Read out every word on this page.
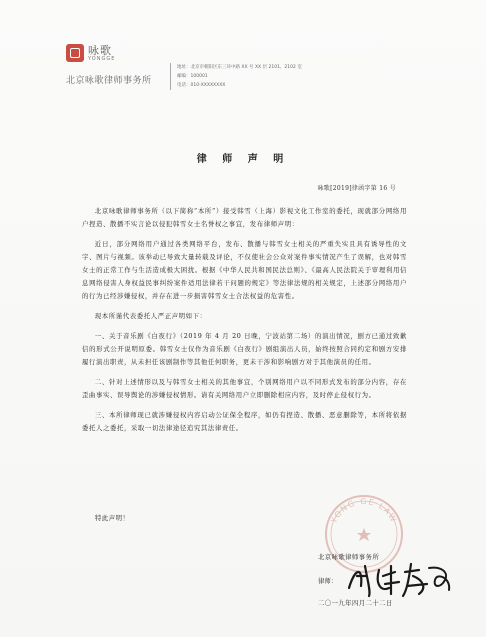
咏歌
YONGGE
北京咏歌律师事务所
地址：北京市朝阳区东三环中路 XX 号 XX 层 2101、2102 室
邮编：100001
电话：010-XXXXXXXX
律 师 声 明
咏歌[2019]律函字第 16 号

北京咏歌律师事务所（以下简称“本所”）接受韩雪（上海）影视文化工作室的委托，现就部分网络用户捏造、散播不实言论以侵犯韩雪女士名誉权之事宜，发布律师声明：

近日，部分网络用户通过各类网络平台，发布、散播与韩雪女士相关的严重失实且具有诱导性的文字、图片与视频。该举动已导致大量转载及评论，不仅使社会公众对案件事实情况产生了误解，也对韩雪女士的正常工作与生活造成极大困扰。根据《中华人民共和国民法总则》、《最高人民法院关于审理利用信息网络侵害人身权益民事纠纷案件适用法律若干问题的规定》等法律法规的相关规定，上述部分网络用户的行为已经涉嫌侵权，并存在进一步损害韩雪女士合法权益的危害性。

现本所谨代表委托人严正声明如下：

一、关于音乐剧《白夜行》（2019 年 4 月 20 日晚，宁波站第二场）的演出情况，剧方已通过致歉信的形式公开说明原委。韩雪女士仅作为音乐剧《白夜行》剧组演出人员，始终按照合同约定和剧方安排履行演出职责，从未担任该剧制作等其他任何职务，更未干涉和影响剧方对于其他演员的任用。

二、针对上述情形以及与韩雪女士相关的其他事宜，个别网络用户以不同形式发布的部分内容，存在歪曲事实、误导舆论的涉嫌侵权情形。请有关网络用户立即删除相应内容，及时停止侵权行为。

三、本所律师现已就涉嫌侵权内容启动公证保全程序，如仍有捏造、散播、恶意删除等，本所将依据委托人之委托，采取一切法律途径追究其法律责任。

特此声明！	YONG GE LAW
北京咏歌律师事务所
律师：
二〇一九年四月二十二日
